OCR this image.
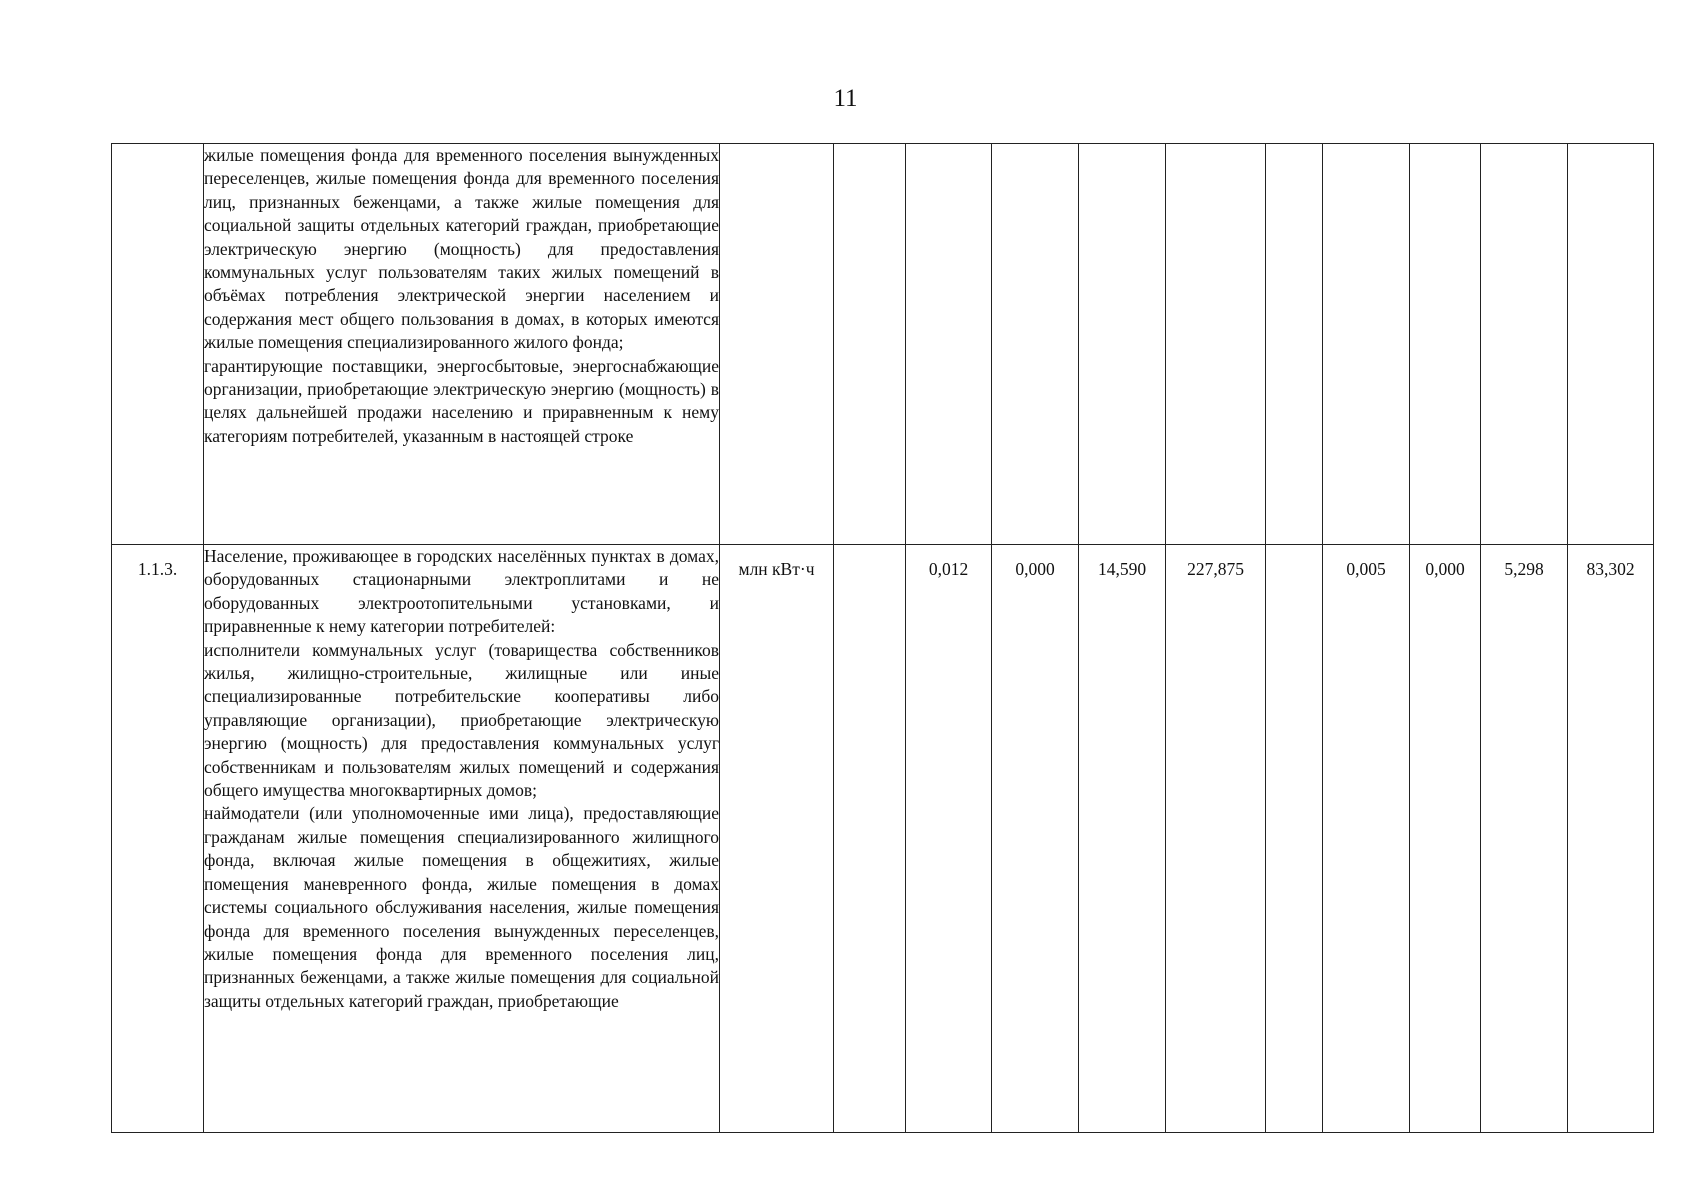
11

	жилые помещения фонда для временного поселения вынужденных переселенцев, жилые помещения фонда для временного поселения лиц, признанных беженцами, а также жилые помещения для социальной защиты отдельных категорий граждан, приобретающие электрическую энергию (мощность) для предоставления коммунальных услуг пользователям таких жилых помещений в объёмах потребления электрической энергии населением и содержания мест общего пользования в домах, в которых имеются жилые помещения специализированного жилого фонда;
гарантирующие поставщики, энергосбытовые, энергоснабжающие организации, приобретающие электрическую энергию (мощность) в целях дальнейшей продажи населению и приравненным к нему категориям потребителей, указанным в настоящей строке											

1.1.3.	Население, проживающее в городских населённых пунктах в домах, оборудованных стационарными электроплитами и не оборудованных электроотопительными установками, и приравненные к нему категории потребителей:
исполнители коммунальных услуг (товарищества собственников жилья, жилищно-строительные, жилищные или иные специализированные потребительские кооперативы либо управляющие организации), приобретающие электрическую энергию (мощность) для предоставления коммунальных услуг собственникам и пользователям жилых помещений и содержания общего имущества многоквартирных домов;
наймодатели (или уполномоченные ими лица), предоставляющие гражданам жилые помещения специализированного жилищного фонда, включая жилые помещения в общежитиях, жилые помещения маневренного фонда, жилые помещения в домах системы социального обслуживания населения, жилые помещения фонда для временного поселения вынужденных переселенцев, жилые помещения фонда для временного поселения лиц, признанных беженцами, а также жилые помещения для социальной защиты отдельных категорий граждан, приобретающие	млн кВт·ч		0,012	0,000	14,590	227,875		0,005	0,000	5,298	83,302
